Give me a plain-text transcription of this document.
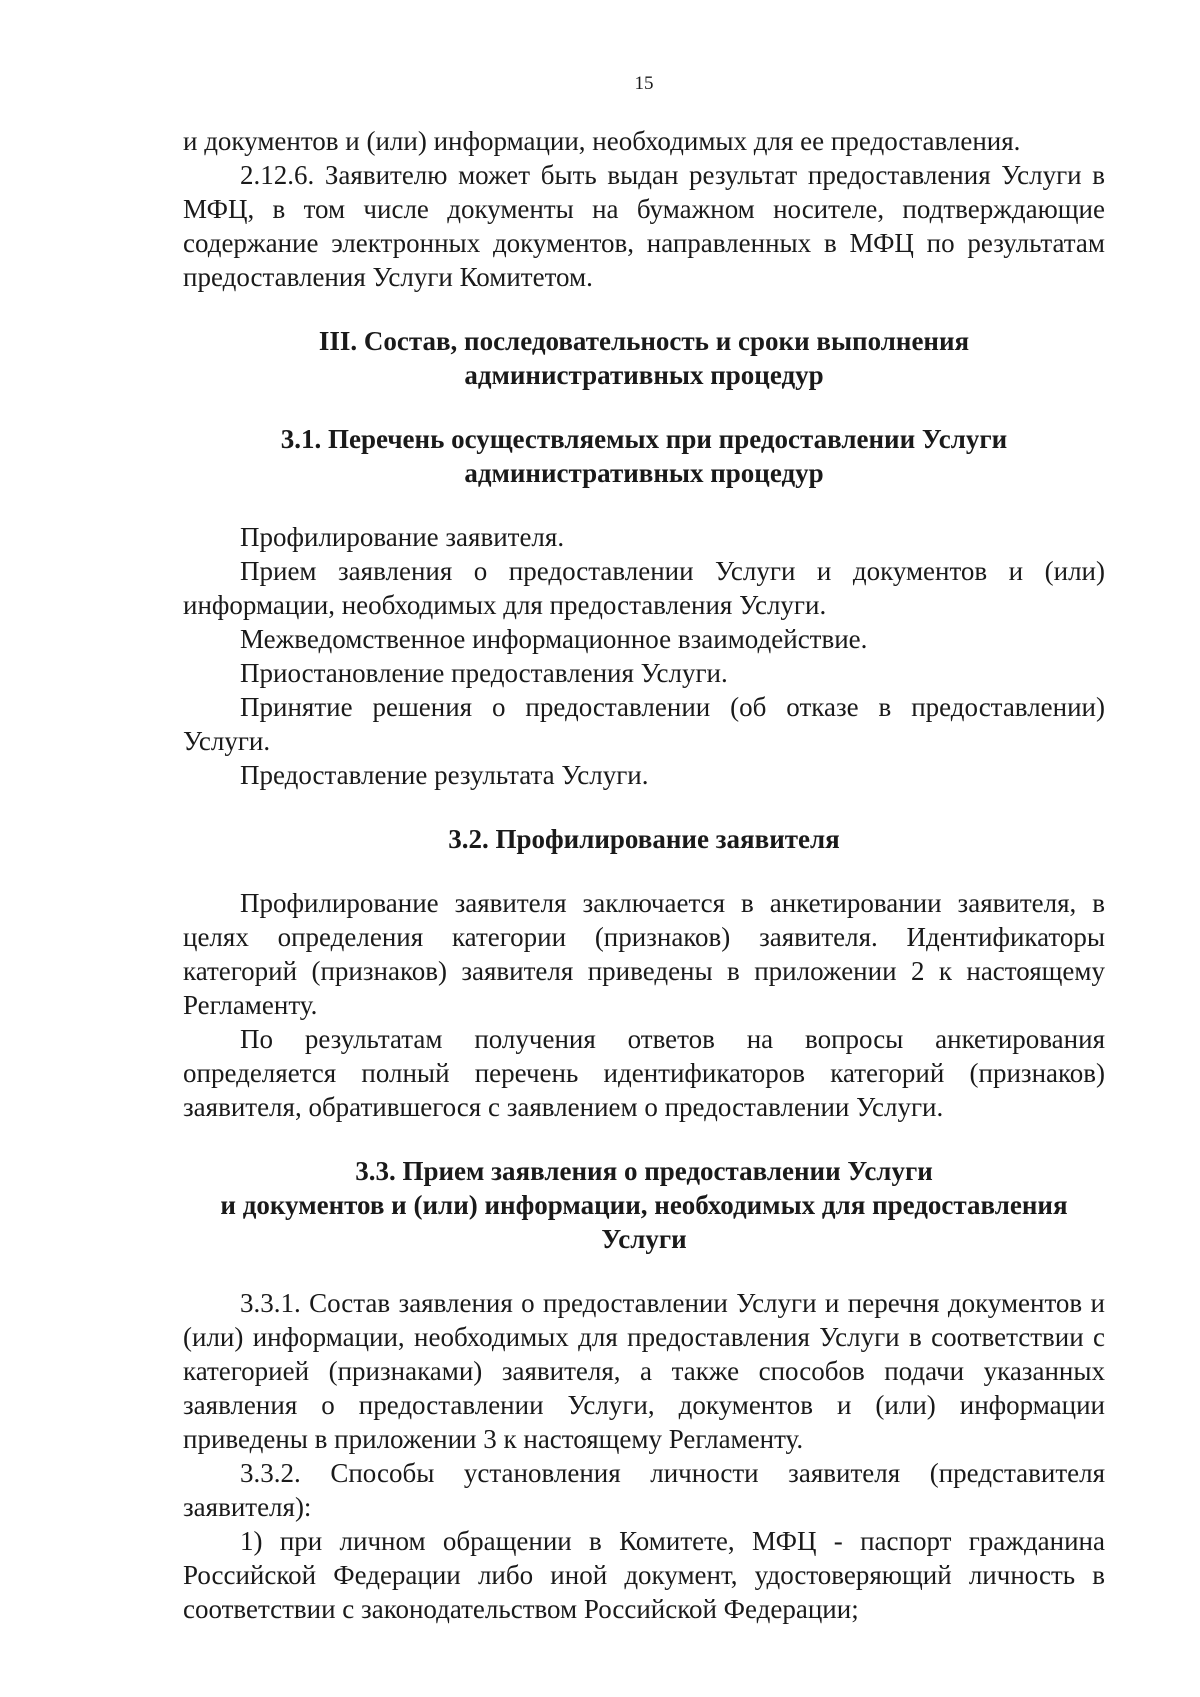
15

и документов и (или) информации, необходимых для ее предоставления.

2.12.6. Заявителю может быть выдан результат предоставления Услуги в МФЦ, в том числе документы на бумажном носителе, подтверждающие содержание электронных документов, направленных в МФЦ по результатам предоставления Услуги Комитетом.

III. Состав, последовательность и сроки выполнения

административных процедур

3.1. Перечень осуществляемых при предоставлении Услуги

административных процедур

Профилирование заявителя.

Прием заявления о предоставлении Услуги и документов и (или) информации, необходимых для предоставления Услуги.

Межведомственное информационное взаимодействие.

Приостановление предоставления Услуги.

Принятие решения о предоставлении (об отказе в предоставлении) Услуги.

Предоставление результата Услуги.

3.2. Профилирование заявителя

Профилирование заявителя заключается в анкетировании заявителя, в целях определения категории (признаков) заявителя. Идентификаторы категорий (признаков) заявителя приведены в приложении 2 к настоящему Регламенту.

По результатам получения ответов на вопросы анкетирования определяется полный перечень идентификаторов категорий (признаков) заявителя, обратившегося с заявлением о предоставлении Услуги.

3.3. Прием заявления о предоставлении Услуги

и документов и (или) информации, необходимых для предоставления

Услуги

3.3.1. Состав заявления о предоставлении Услуги и перечня документов и (или) информации, необходимых для предоставления Услуги в соответствии с категорией (признаками) заявителя, а также способов подачи указанных заявления о предоставлении Услуги, документов и (или) информации приведены в приложении 3 к настоящему Регламенту.

3.3.2. Способы установления личности заявителя (представителя заявителя):

1) при личном обращении в Комитете, МФЦ - паспорт гражданина Российской Федерации либо иной документ, удостоверяющий личность в соответствии с законодательством Российской Федерации;
